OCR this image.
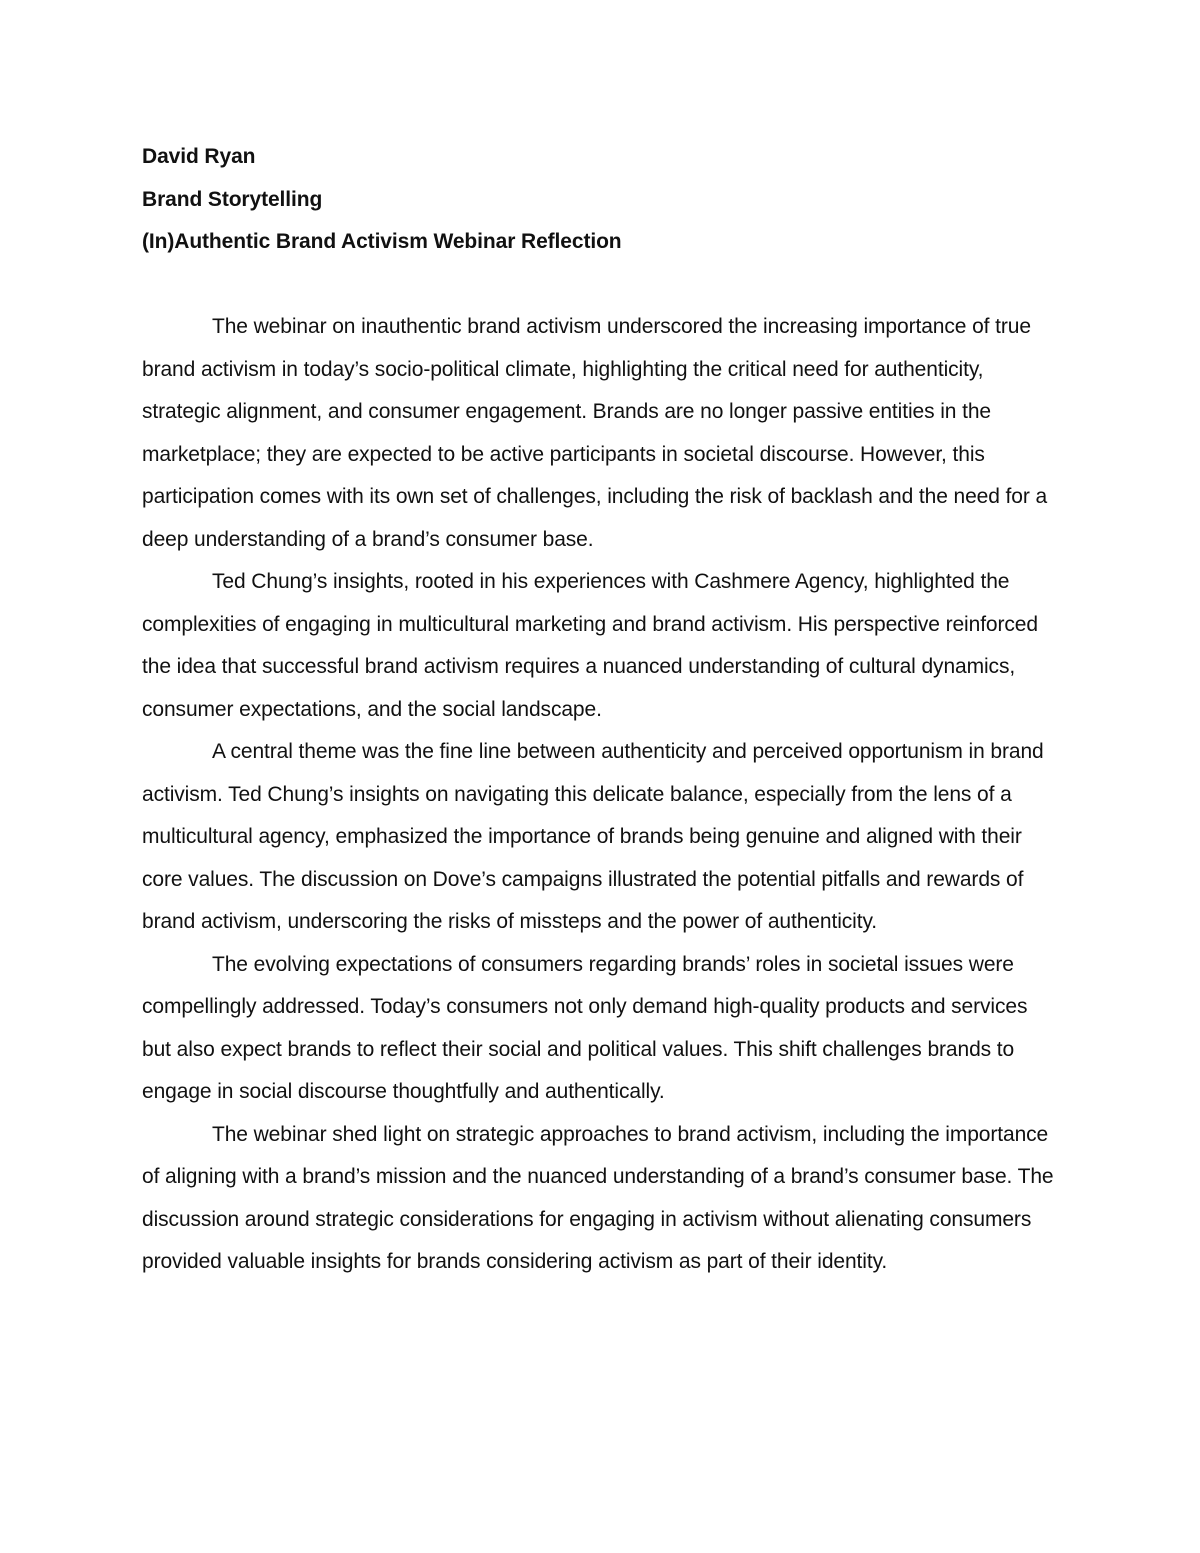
David Ryan

Brand Storytelling

(In)Authentic Brand Activism Webinar Reflection

The webinar on inauthentic brand activism underscored the increasing importance of true brand activism in today’s socio-political climate, highlighting the critical need for authenticity, strategic alignment, and consumer engagement. Brands are no longer passive entities in the marketplace; they are expected to be active participants in societal discourse. However, this participation comes with its own set of challenges, including the risk of backlash and the need for a deep understanding of a brand’s consumer base.

Ted Chung’s insights, rooted in his experiences with Cashmere Agency, highlighted the complexities of engaging in multicultural marketing and brand activism. His perspective reinforced the idea that successful brand activism requires a nuanced understanding of cultural dynamics, consumer expectations, and the social landscape.

A central theme was the fine line between authenticity and perceived opportunism in brand activism. Ted Chung’s insights on navigating this delicate balance, especially from the lens of a multicultural agency, emphasized the importance of brands being genuine and aligned with their core values. The discussion on Dove’s campaigns illustrated the potential pitfalls and rewards of brand activism, underscoring the risks of missteps and the power of authenticity.

The evolving expectations of consumers regarding brands’ roles in societal issues were compellingly addressed. Today’s consumers not only demand high-quality products and services but also expect brands to reflect their social and political values. This shift challenges brands to engage in social discourse thoughtfully and authentically.

The webinar shed light on strategic approaches to brand activism, including the importance of aligning with a brand’s mission and the nuanced understanding of a brand’s consumer base. The discussion around strategic considerations for engaging in activism without alienating consumers provided valuable insights for brands considering activism as part of their identity.
